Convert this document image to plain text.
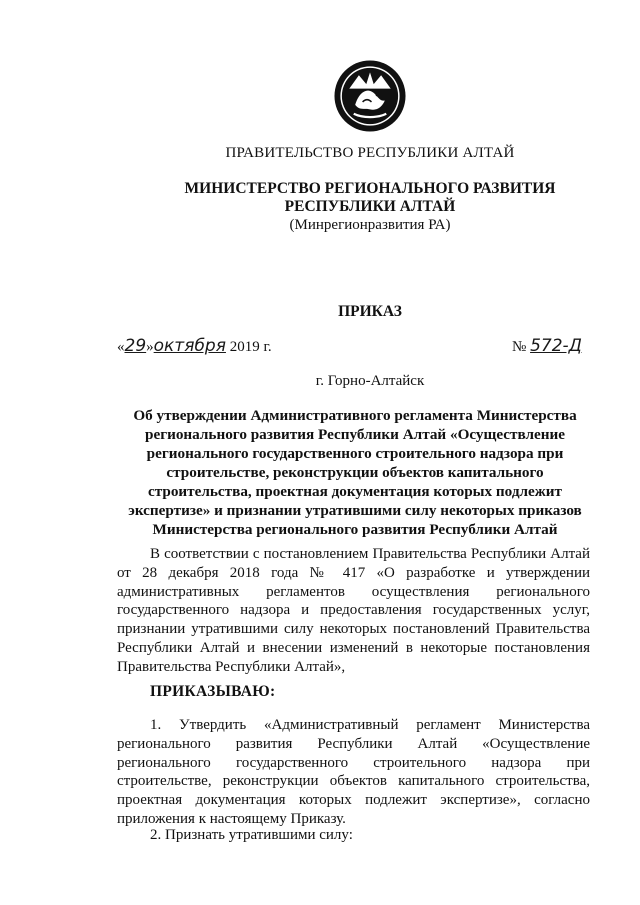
ПРАВИТЕЛЬСТВО РЕСПУБЛИКИ АЛТАЙ
МИНИСТЕРСТВО РЕГИОНАЛЬНОГО РАЗВИТИЯ
РЕСПУБЛИКИ АЛТАЙ
(Минрегионразвития РА)
ПРИКАЗ
«29»октября 2019 г.	№ 572-Д
г. Горно-Алтайск
Об утверждении Административного регламента Министерства регионального развития Республики Алтай «Осуществление регионального государственного строительного надзора при строительстве, реконструкции объектов капитального строительства, проектная документация которых подлежит экспертизе» и признании утратившими силу некоторых приказов Министерства регионального развития Республики Алтай
В соответствии с постановлением Правительства Республики Алтай от 28 декабря 2018 года № 417 «О разработке и утверждении административных регламентов осуществления регионального государственного надзора и предоставления государственных услуг, признании утратившими силу некоторых постановлений Правительства Республики Алтай и внесении изменений в некоторые постановления Правительства Республики Алтай»,
ПРИКАЗЫВАЮ:
1. Утвердить «Административный регламент Министерства регионального развития Республики Алтай «Осуществление регионального государственного строительного надзора при строительстве, реконструкции объектов капитального строительства, проектная документация которых подлежит экспертизе», согласно приложения к настоящему Приказу.
2. Признать утратившими силу:
